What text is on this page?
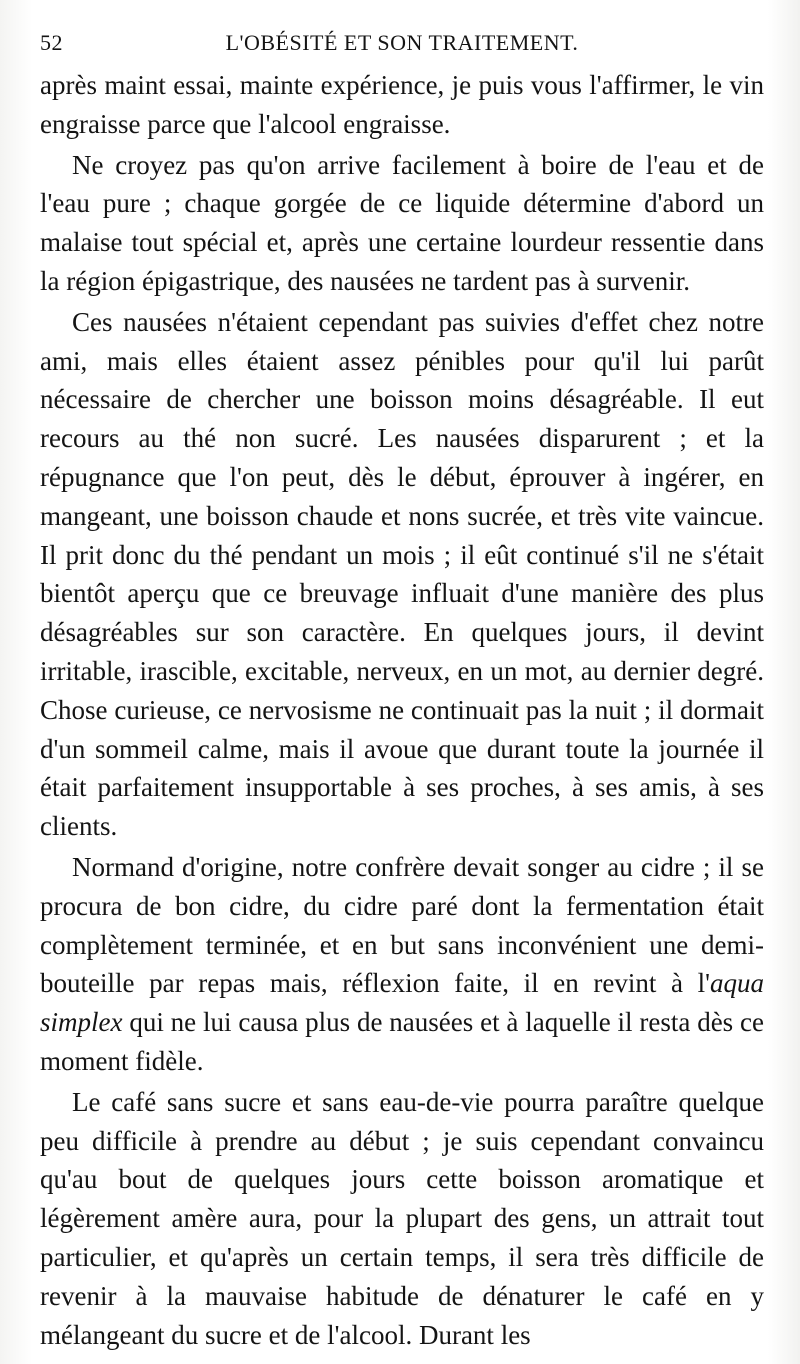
52	L'OBÉSITÉ ET SON TRAITEMENT.

après maint essai, mainte expérience, je puis vous l'affirmer, le vin engraisse parce que l'alcool engraisse.

Ne croyez pas qu'on arrive facilement à boire de l'eau et de l'eau pure ; chaque gorgée de ce liquide détermine d'abord un malaise tout spécial et, après une certaine lourdeur ressentie dans la région épigastrique, des nausées ne tardent pas à survenir.

Ces nausées n'étaient cependant pas suivies d'effet chez notre ami, mais elles étaient assez pénibles pour qu'il lui parût nécessaire de chercher une boisson moins désagréable. Il eut recours au thé non sucré. Les nausées disparurent ; et la répugnance que l'on peut, dès le début, éprouver à ingérer, en mangeant, une boisson chaude et nons sucrée, et très vite vaincue. Il prit donc du thé pendant un mois ; il eût continué s'il ne s'était bientôt aperçu que ce breuvage influait d'une manière des plus désagréables sur son caractère. En quelques jours, il devint irritable, irascible, excitable, nerveux, en un mot, au dernier degré. Chose curieuse, ce nervosisme ne continuait pas la nuit ; il dormait d'un sommeil calme, mais il avoue que durant toute la journée il était parfaitement insupportable à ses proches, à ses amis, à ses clients.

Normand d'origine, notre confrère devait songer au cidre ; il se procura de bon cidre, du cidre paré dont la fermentation était complètement terminée, et en but sans inconvénient une demi-bouteille par repas mais, réflexion faite, il en revint à l'aqua simplex qui ne lui causa plus de nausées et à laquelle il resta dès ce moment fidèle.

Le café sans sucre et sans eau-de-vie pourra paraître quelque peu difficile à prendre au début ; je suis cependant convaincu qu'au bout de quelques jours cette boisson aromatique et légèrement amère aura, pour la plupart des gens, un attrait tout particulier, et qu'après un certain temps, il sera très difficile de revenir à la mauvaise habitude de dénaturer le café en y mélangeant du sucre et de l'alcool. Durant les
